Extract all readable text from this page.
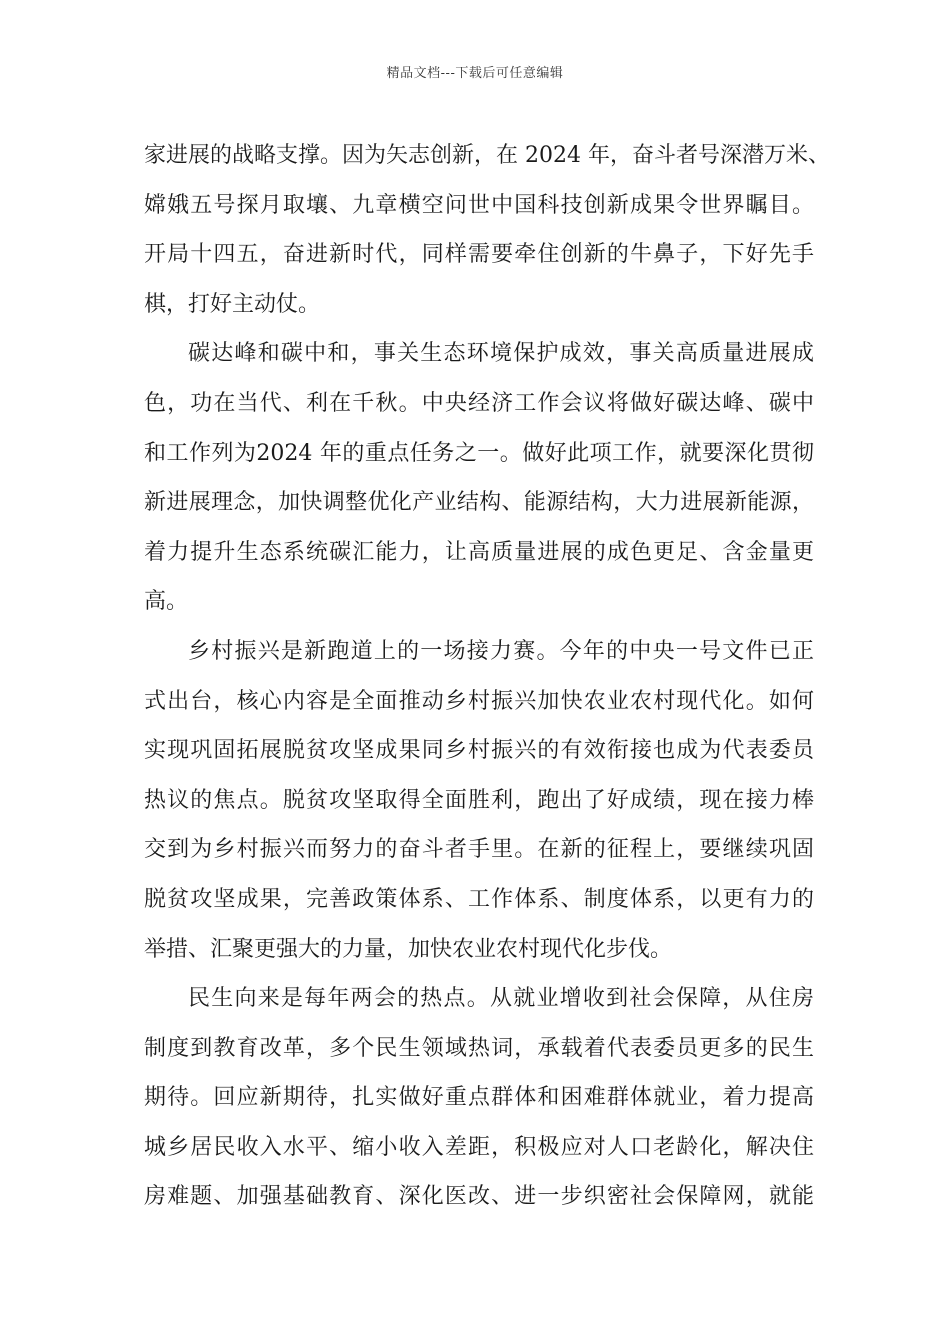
精品文档---下载后可任意编辑
家进展的战略支撑。因为矢志创新，在 2024 年，奋斗者号深潜万米、
嫦娥五号探月取壤、九章横空问世中国科技创新成果令世界瞩目。
开局十四五，奋进新时代，同样需要牵住创新的牛鼻子，下好先手
棋，打好主动仗。
碳达峰和碳中和，事关生态环境保护成效，事关高质量进展成
色，功在当代、利在千秋。中央经济工作会议将做好碳达峰、碳中
和工作列为2024 年的重点任务之一。做好此项工作，就要深化贯彻
新进展理念，加快调整优化产业结构、能源结构，大力进展新能源，
着力提升生态系统碳汇能力，让高质量进展的成色更足、含金量更
高。
乡村振兴是新跑道上的一场接力赛。今年的中央一号文件已正
式出台，核心内容是全面推动乡村振兴加快农业农村现代化。如何
实现巩固拓展脱贫攻坚成果同乡村振兴的有效衔接也成为代表委员
热议的焦点。脱贫攻坚取得全面胜利，跑出了好成绩，现在接力棒
交到为乡村振兴而努力的奋斗者手里。在新的征程上，要继续巩固
脱贫攻坚成果，完善政策体系、工作体系、制度体系，以更有力的
举措、汇聚更强大的力量，加快农业农村现代化步伐。
民生向来是每年两会的热点。从就业增收到社会保障，从住房
制度到教育改革，多个民生领域热词，承载着代表委员更多的民生
期待。回应新期待，扎实做好重点群体和困难群体就业，着力提高
城乡居民收入水平、缩小收入差距，积极应对人口老龄化，解决住
房难题、加强基础教育、深化医改、进一步织密社会保障网，就能
